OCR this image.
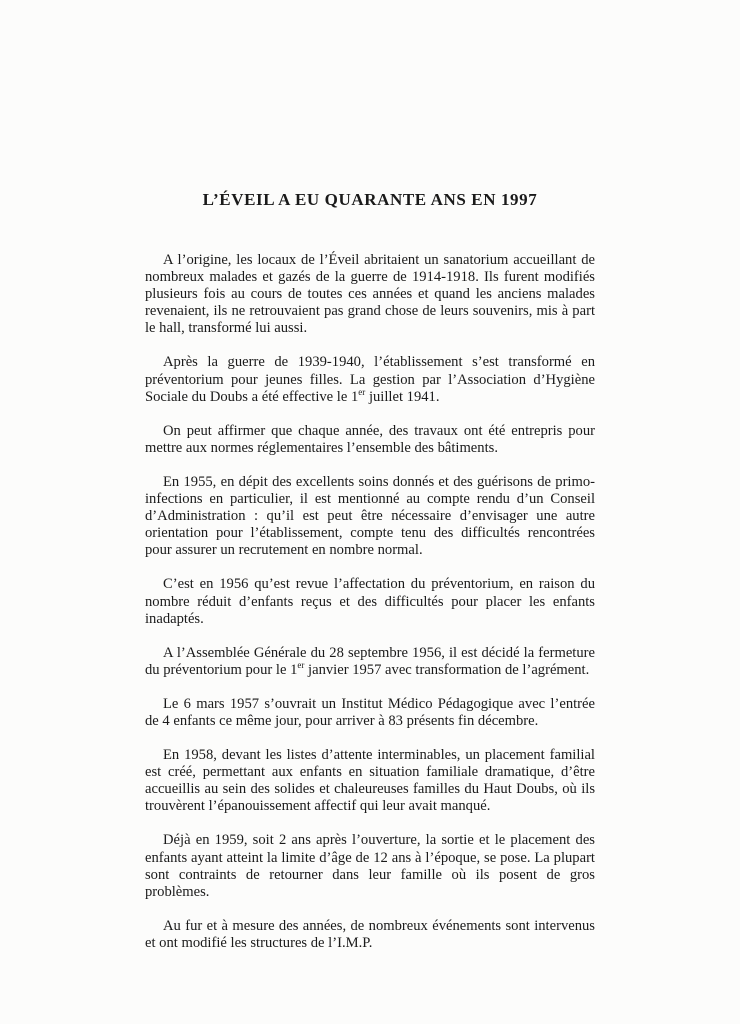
L’ÉVEIL A EU QUARANTE ANS EN 1997

A l’origine, les locaux de l’Éveil abritaient un sanatorium accueillant de nombreux malades et gazés de la guerre de 1914-1918. Ils furent modifiés plusieurs fois au cours de toutes ces années et quand les anciens malades revenaient, ils ne retrouvaient pas grand chose de leurs souvenirs, mis à part le hall, transformé lui aussi.

Après la guerre de 1939-1940, l’établissement s’est transformé en préventorium pour jeunes filles. La gestion par l’Association d’Hygiène Sociale du Doubs a été effective le 1er juillet 1941.

On peut affirmer que chaque année, des travaux ont été entrepris pour mettre aux normes réglementaires l’ensemble des bâtiments.

En 1955, en dépit des excellents soins donnés et des guérisons de primo-infections en particulier, il est mentionné au compte rendu d’un Conseil d’Administration : qu’il est peut être nécessaire d’envisager une autre orientation pour l’établissement, compte tenu des difficultés rencontrées pour assurer un recrutement en nombre normal.

C’est en 1956 qu’est revue l’affectation du préventorium, en raison du nombre réduit d’enfants reçus et des difficultés pour placer les enfants inadaptés.

A l’Assemblée Générale du 28 septembre 1956, il est décidé la fermeture du préventorium pour le 1er janvier 1957 avec transformation de l’agrément.

Le 6 mars 1957 s’ouvrait un Institut Médico Pédagogique avec l’entrée de 4 enfants ce même jour, pour arriver à 83 présents fin décembre.

En 1958, devant les listes d’attente interminables, un placement familial est créé, permettant aux enfants en situation familiale dramatique, d’être accueillis au sein des solides et chaleureuses familles du Haut Doubs, où ils trouvèrent l’épanouissement affectif qui leur avait manqué.

Déjà en 1959, soit 2 ans après l’ouverture, la sortie et le placement des enfants ayant atteint la limite d’âge de 12 ans à l’époque, se pose. La plupart sont contraints de retourner dans leur famille où ils posent de gros problèmes.

Au fur et à mesure des années, de nombreux événements sont intervenus et ont modifié les structures de l’I.M.P.
